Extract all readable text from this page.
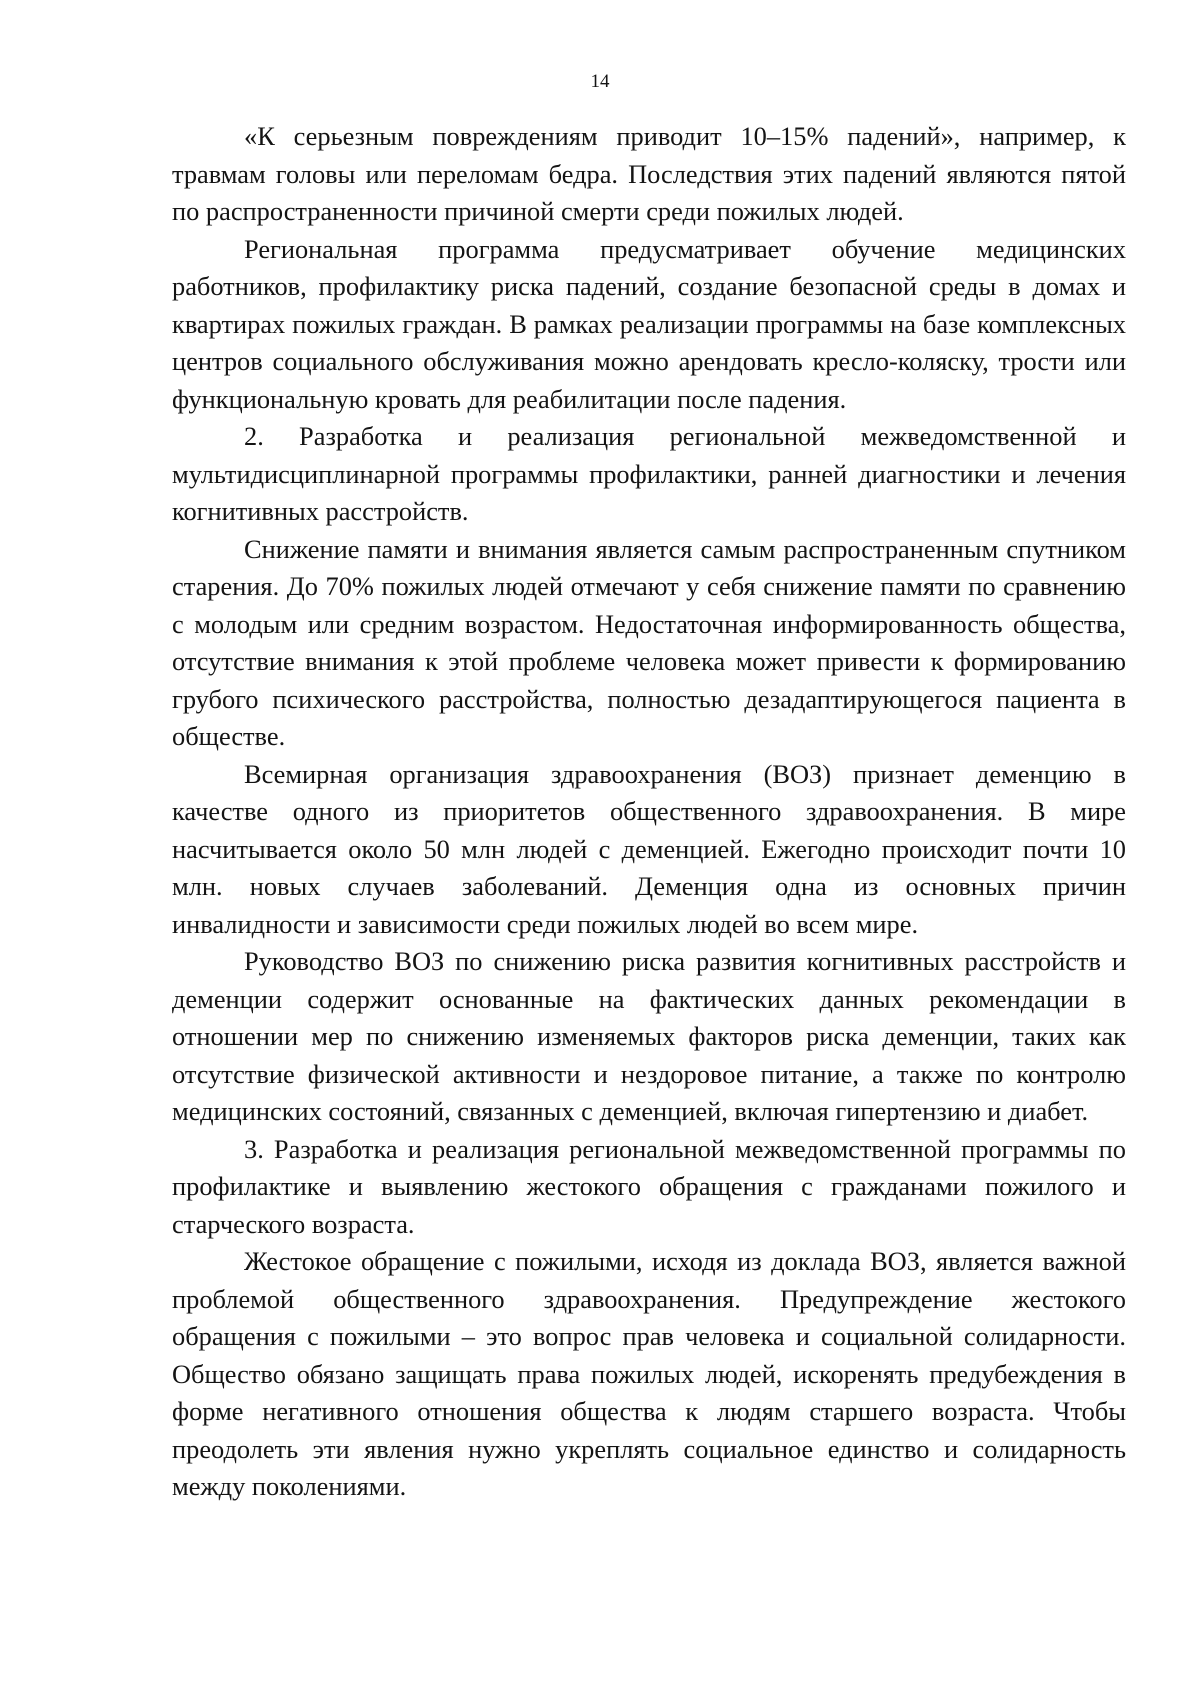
14

«К серьезным повреждениям приводит 10–15% падений», например, к травмам головы или переломам бедра. Последствия этих падений являются пятой по распространенности причиной смерти среди пожилых людей.

Региональная программа предусматривает обучение медицинских работников, профилактику риска падений, создание безопасной среды в домах и квартирах пожилых граждан. В рамках реализации программы на базе комплексных центров социального обслуживания можно арендовать кресло-коляску, трости или функциональную кровать для реабилитации после падения.

2. Разработка и реализация региональной межведомственной и мультидисциплинарной программы профилактики, ранней диагностики и лечения когнитивных расстройств.

Снижение памяти и внимания является самым распространенным спутником старения. До 70% пожилых людей отмечают у себя снижение памяти по сравнению с молодым или средним возрастом. Недостаточная информированность общества, отсутствие внимания к этой проблеме человека может привести к формированию грубого психического расстройства, полностью дезадаптирующегося пациента в обществе.

Всемирная организация здравоохранения (ВОЗ) признает деменцию в качестве одного из приоритетов общественного здравоохранения. В мире насчитывается около 50 млн людей с деменцией. Ежегодно происходит почти 10 млн. новых случаев заболеваний. Деменция одна из основных причин инвалидности и зависимости среди пожилых людей во всем мире.

Руководство ВОЗ по снижению риска развития когнитивных расстройств и деменции содержит основанные на фактических данных рекомендации в отношении мер по снижению изменяемых факторов риска деменции, таких как отсутствие физической активности и нездоровое питание, а также по контролю медицинских состояний, связанных с деменцией, включая гипертензию и диабет.

3. Разработка и реализация региональной межведомственной программы по профилактике и выявлению жестокого обращения с гражданами пожилого и старческого возраста.

Жестокое обращение с пожилыми, исходя из доклада ВОЗ, является важной проблемой общественного здравоохранения. Предупреждение жестокого обращения с пожилыми – это вопрос прав человека и социальной солидарности. Общество обязано защищать права пожилых людей, искоренять предубеждения в форме негативного отношения общества к людям старшего возраста. Чтобы преодолеть эти явления нужно укреплять социальное единство и солидарность между поколениями.
